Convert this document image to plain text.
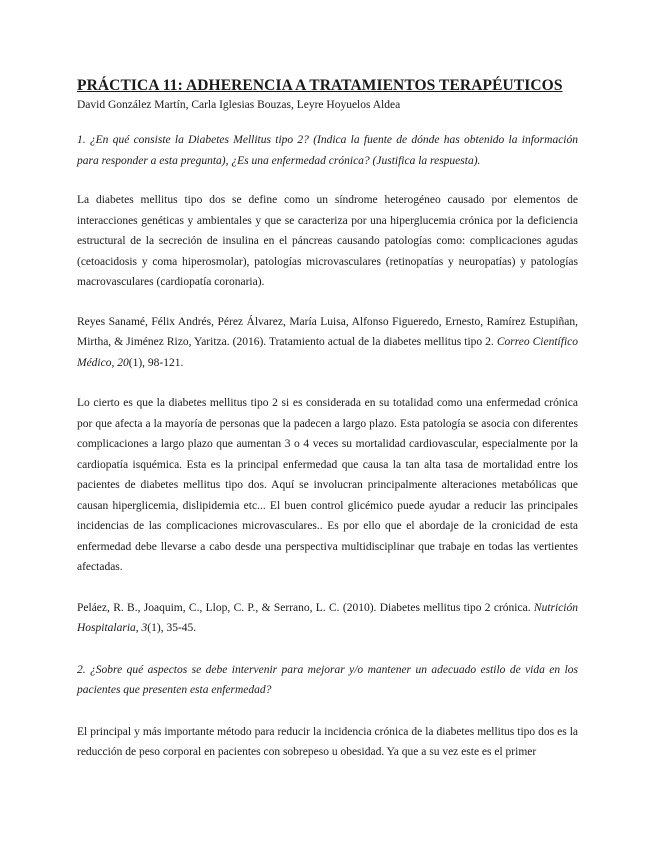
PRÁCTICA 11: ADHERENCIA A TRATAMIENTOS TERAPÉUTICOS
David González Martín, Carla Iglesias Bouzas, Leyre Hoyuelos Aldea

1. ¿En qué consiste la Diabetes Mellitus tipo 2? (Indica la fuente de dónde has obtenido la información para responder a esta pregunta), ¿Es una enfermedad crónica? (Justifica la respuesta).

La diabetes mellitus tipo dos se define como un síndrome heterogéneo causado por elementos de interacciones genéticas y ambientales y que se caracteriza por una hiperglucemia crónica por la deficiencia estructural de la secreción de insulina en el páncreas causando patologías como: complicaciones agudas (cetoacidosis y coma hiperosmolar), patologías microvasculares (retinopatías y neuropatías) y patologías macrovasculares (cardiopatía coronaria).

Reyes Sanamé, Félix Andrés, Pérez Álvarez, María Luisa, Alfonso Figueredo, Ernesto, Ramírez Estupiñan, Mirtha, & Jiménez Rizo, Yaritza. (2016). Tratamiento actual de la diabetes mellitus tipo 2. Correo Científico Médico, 20(1), 98-121.

Lo cierto es que la diabetes mellitus tipo 2 si es considerada en su totalidad como una enfermedad crónica por que afecta a la mayoría de personas que la padecen a largo plazo. Esta patología se asocia con diferentes complicaciones a largo plazo que aumentan 3 o 4 veces su mortalidad cardiovascular, especialmente por la cardiopatía isquémica. Esta es la principal enfermedad que causa la tan alta tasa de mortalidad entre los pacientes de diabetes mellitus tipo dos. Aquí se involucran principalmente alteraciones metabólicas que causan hiperglicemia, dislipidemia etc... El buen control glicémico puede ayudar a reducir las principales incidencias de las complicaciones microvasculares.. Es por ello que el abordaje de la cronicidad de esta enfermedad debe llevarse a cabo desde una perspectiva multidisciplinar que trabaje en todas las vertientes afectadas.

Peláez, R. B., Joaquim, C., Llop, C. P., & Serrano, L. C. (2010). Diabetes mellitus tipo 2 crónica. Nutrición Hospitalaria, 3(1), 35-45.

2. ¿Sobre qué aspectos se debe intervenir para mejorar y/o mantener un adecuado estilo de vida en los pacientes que presenten esta enfermedad?

El principal y más importante método para reducir la incidencia crónica de la diabetes mellitus tipo dos es la reducción de peso corporal en pacientes con sobrepeso u obesidad. Ya que a su vez este es el primer
